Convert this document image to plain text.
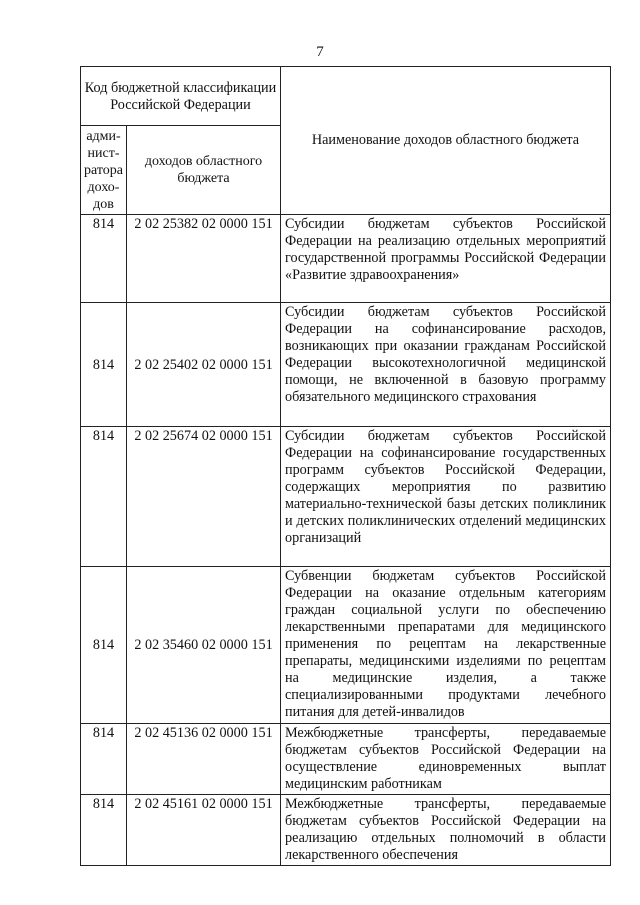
7
Код бюджетной классификации Российской Федерации		Наименование доходов областного бюджета
адми-нист-ратора дохо-дов	доходов областного бюджета	
814	2 02 25382 02 0000 151	Субсидии бюджетам субъектов Российской Федерации на реализацию отдельных мероприятий государственной программы Российской Федерации «Развитие здравоохранения»
814	2 02 25402 02 0000 151	Субсидии бюджетам субъектов Российской Федерации на софинансирование расходов, возникающих при оказании гражданам Российской Федерации высокотехнологичной медицинской помощи, не включенной в базовую программу обязательного медицинского страхования
814	2 02 25674 02 0000 151	Субсидии бюджетам субъектов Российской Федерации на софинансирование государственных программ субъектов Российской Федерации, содержащих мероприятия по развитию материально-технической базы детских поликлиник и детских поликлинических отделений медицинских организаций
814	2 02 35460 02 0000 151	Субвенции бюджетам субъектов Российской Федерации на оказание отдельным категориям граждан социальной услуги по обеспечению лекарственными препаратами для медицинского применения по рецептам на лекарственные препараты, медицинскими изделиями по рецептам на медицинские изделия, а также специализированными продуктами лечебного питания для детей-инвалидов
814	2 02 45136 02 0000 151	Межбюджетные трансферты, передаваемые бюджетам субъектов Российской Федерации на осуществление единовременных выплат медицинским работникам
814	2 02 45161 02 0000 151	Межбюджетные трансферты, передаваемые бюджетам субъектов Российской Федерации на реализацию отдельных полномочий в области лекарственного обеспечения
